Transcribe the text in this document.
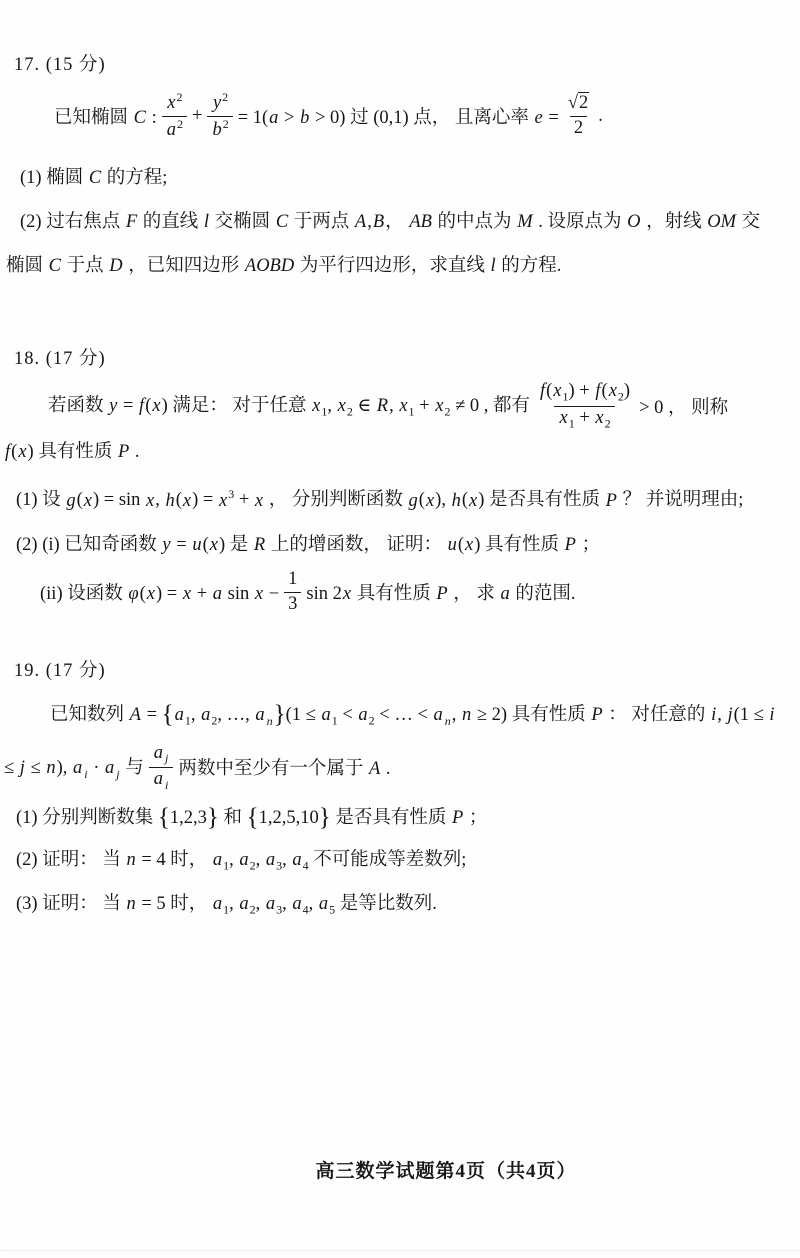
17. (15 分)
已知椭圆 C : $\frac{x^2}{a^2} + \frac{y^2}{b^2} = 1(a > b > 0)$ 过 (0,1) 点， 且离心率 $e = \frac{√2}{2}$ .
(1) 椭圆 C 的方程;
(2) 过右焦点 F 的直线 l 交椭圆 C 于两点 A,B， AB 的中点为 M . 设原点为 O ，射线 OM 交
椭圆 C 于点 D ，已知四边形 AOBD 为平行四边形，求直线 l 的方程.
18. (17 分)
若函数 y = f(x) 满足： 对于任意 $x_1$, $x_2$ ∈ R, $x_1 + x_2 \ne 0$ , 都有 $\frac{f(x_1) + f(x_2)}{x_1 + x_2} > 0$ ， 则称
f(x) 具有性质 P .
(1) 设 g(x) = sin x, $h(x) = x^3 + x$ ， 分别判断函数 g(x), h(x) 是否具有性质 P ？ 并说明理由;
(2) (i) 已知奇函数 y = u(x) 是 R 上的增函数， 证明： u(x) 具有性质 P ；
(ii) 设函数 φ(x) = x + a $\sin x - \frac{1}{3}$ sin 2x 具有性质 P ， 求 a 的范围.
19. (17 分)
已知数列 $A = \{a_1$, $a_2$, …, a $_n\}(1 \le a_1 < a_2$ < … < a $_n$, n ≥ 2) 具有性质 P ： 对任意的 i, j(1 ≤ i
≤ j ≤ n), a $_i$ · a $_j$ 与 $\frac{a _j}{a _i}$ 两数中至少有一个属于 A .
(1) 分别判断数集 {1,2,3} 和 {1,2,5,10} 是否具有性质 P ；
(2) 证明： 当 n = 4 时， $a_1$, $a_2$, $a_3$, $a_4$ 不可能成等差数列;
(3) 证明： 当 n = 5 时， $a_1$, $a_2$, $a_3$, $a_4$, $a_5$ 是等比数列.
高三数学试题第4页（共4页）
